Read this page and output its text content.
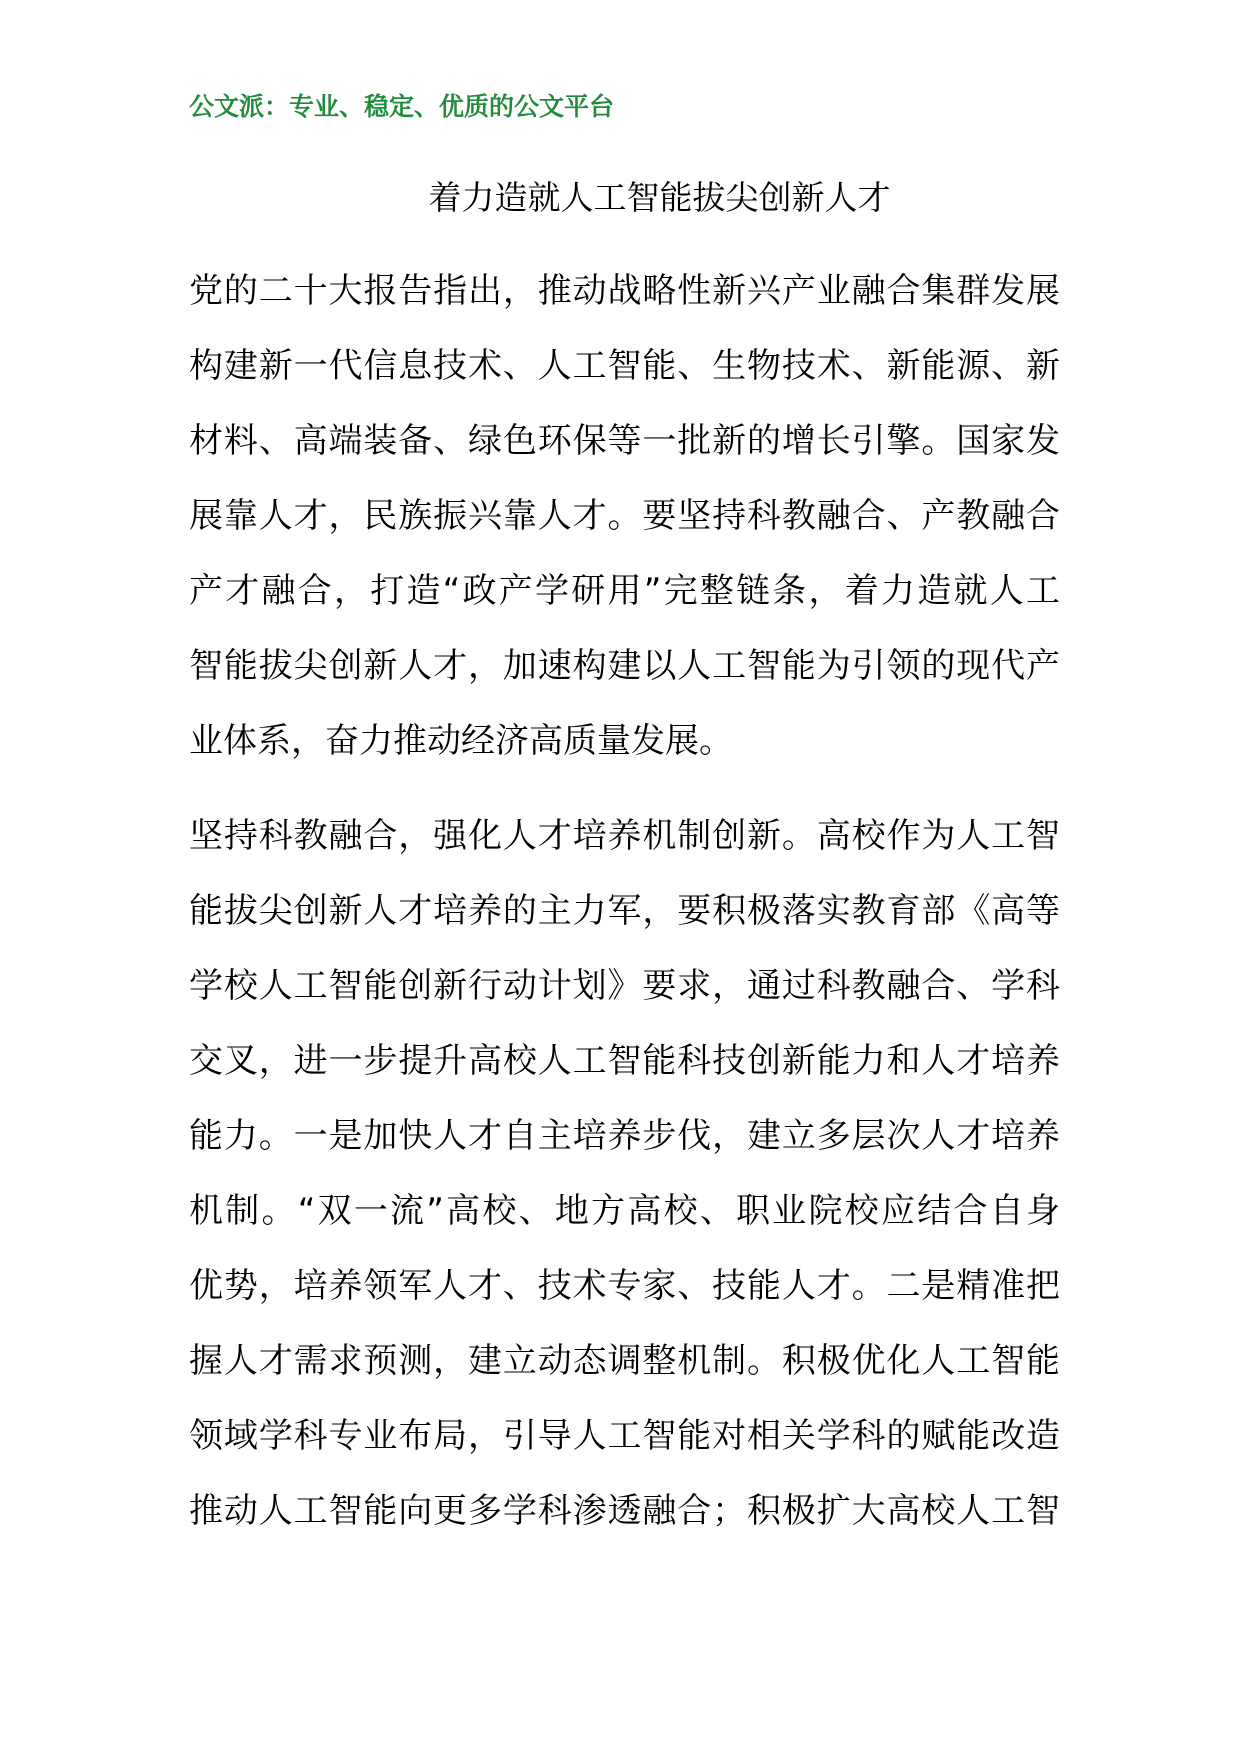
公文派：专业、稳定、优质的公文平台
着力造就人工智能拔尖创新人才
党的二十大报告指出，推动战略性新兴产业融合集群发展
构建新一代信息技术、人工智能、生物技术、新能源、新
材料、高端装备、绿色环保等一批新的增长引擎。国家发
展靠人才，民族振兴靠人才。要坚持科教融合、产教融合
产才融合，打造“政产学研用”完整链条，着力造就人工
智能拔尖创新人才，加速构建以人工智能为引领的现代产
业体系，奋力推动经济高质量发展。
坚持科教融合，强化人才培养机制创新。高校作为人工智
能拔尖创新人才培养的主力军，要积极落实教育部《高等
学校人工智能创新行动计划》要求，通过科教融合、学科
交叉，进一步提升高校人工智能科技创新能力和人才培养
能力。一是加快人才自主培养步伐，建立多层次人才培养
机制。“双一流”高校、地方高校、职业院校应结合自身
优势，培养领军人才、技术专家、技能人才。二是精准把
握人才需求预测，建立动态调整机制。积极优化人工智能
领域学科专业布局，引导人工智能对相关学科的赋能改造
推动人工智能向更多学科渗透融合；积极扩大高校人工智
